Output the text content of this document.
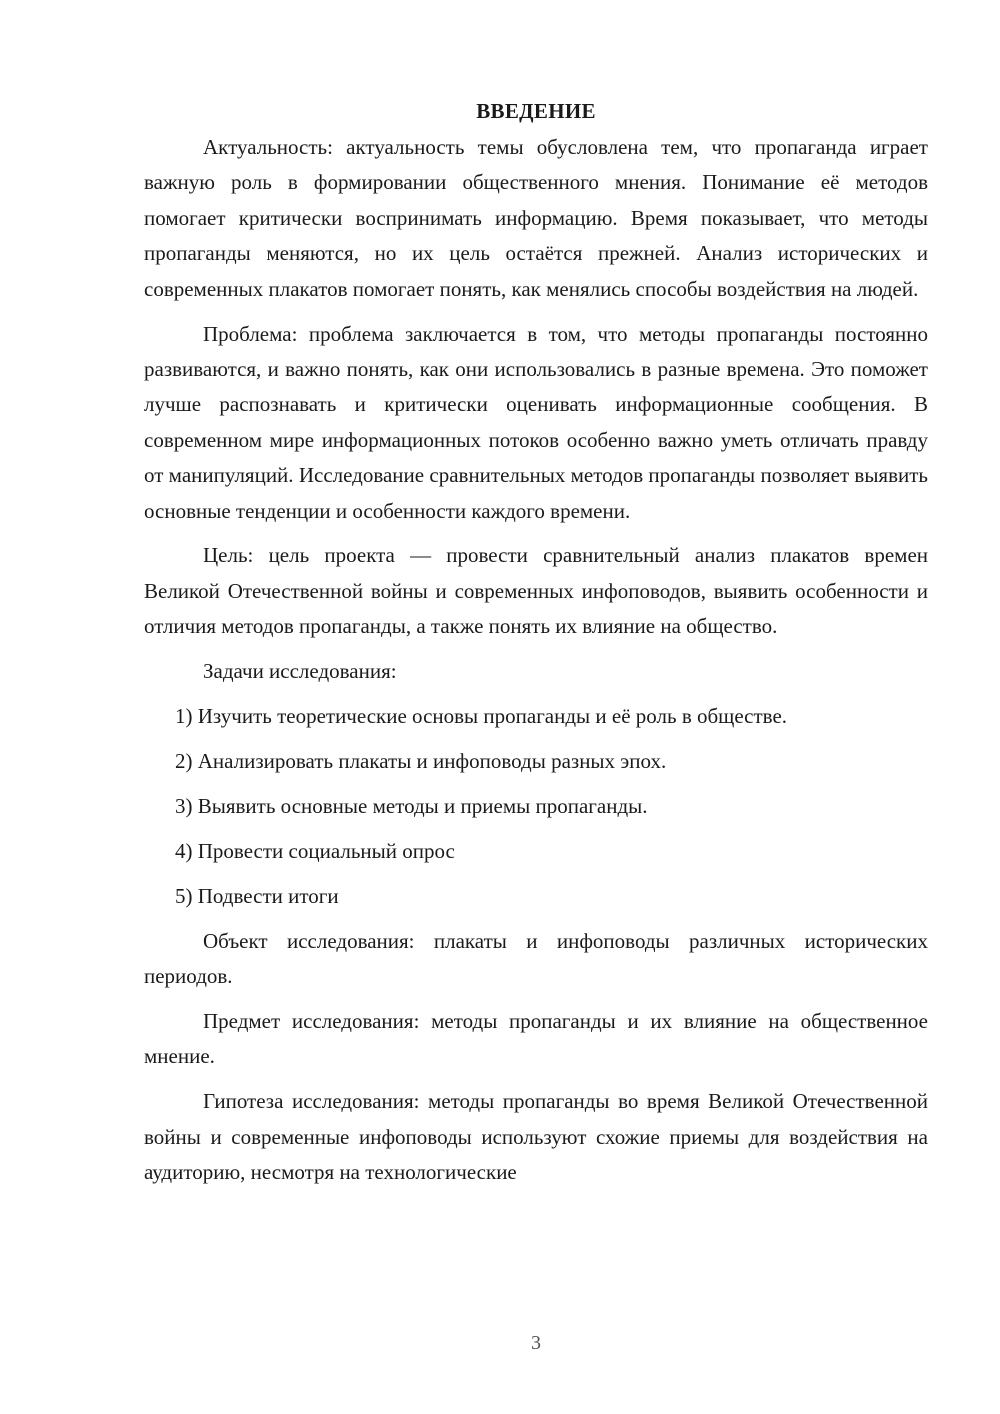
ВВЕДЕНИЕ

Актуальность: актуальность темы обусловлена тем, что пропаганда играет важную роль в формировании общественного мнения. Понимание её методов помогает критически воспринимать информацию. Время показывает, что методы пропаганды меняются, но их цель остаётся прежней. Анализ исторических и современных плакатов помогает понять, как менялись способы воздействия на людей.

Проблема: проблема заключается в том, что методы пропаганды постоянно развиваются, и важно понять, как они использовались в разные времена. Это поможет лучше распознавать и критически оценивать информационные сообщения. В современном мире информационных потоков особенно важно уметь отличать правду от манипуляций. Исследование сравнительных методов пропаганды позволяет выявить основные тенденции и особенности каждого времени.

Цель: цель проекта — провести сравнительный анализ плакатов времен Великой Отечественной войны и современных инфоповодов, выявить особенности и отличия методов пропаганды, а также понять их влияние на общество.

Задачи исследования:

1) Изучить теоретические основы пропаганды и её роль в обществе.
2) Анализировать плакаты и инфоповоды разных эпох.
3) Выявить основные методы и приемы пропаганды.
4) Провести социальный опрос
5) Подвести итоги

Объект исследования: плакаты и инфоповоды различных исторических периодов.

Предмет исследования: методы пропаганды и их влияние на общественное мнение.

Гипотеза исследования: методы пропаганды во время Великой Отечественной войны и современные инфоповоды используют схожие приемы для воздействия на аудиторию, несмотря на технологические

3
